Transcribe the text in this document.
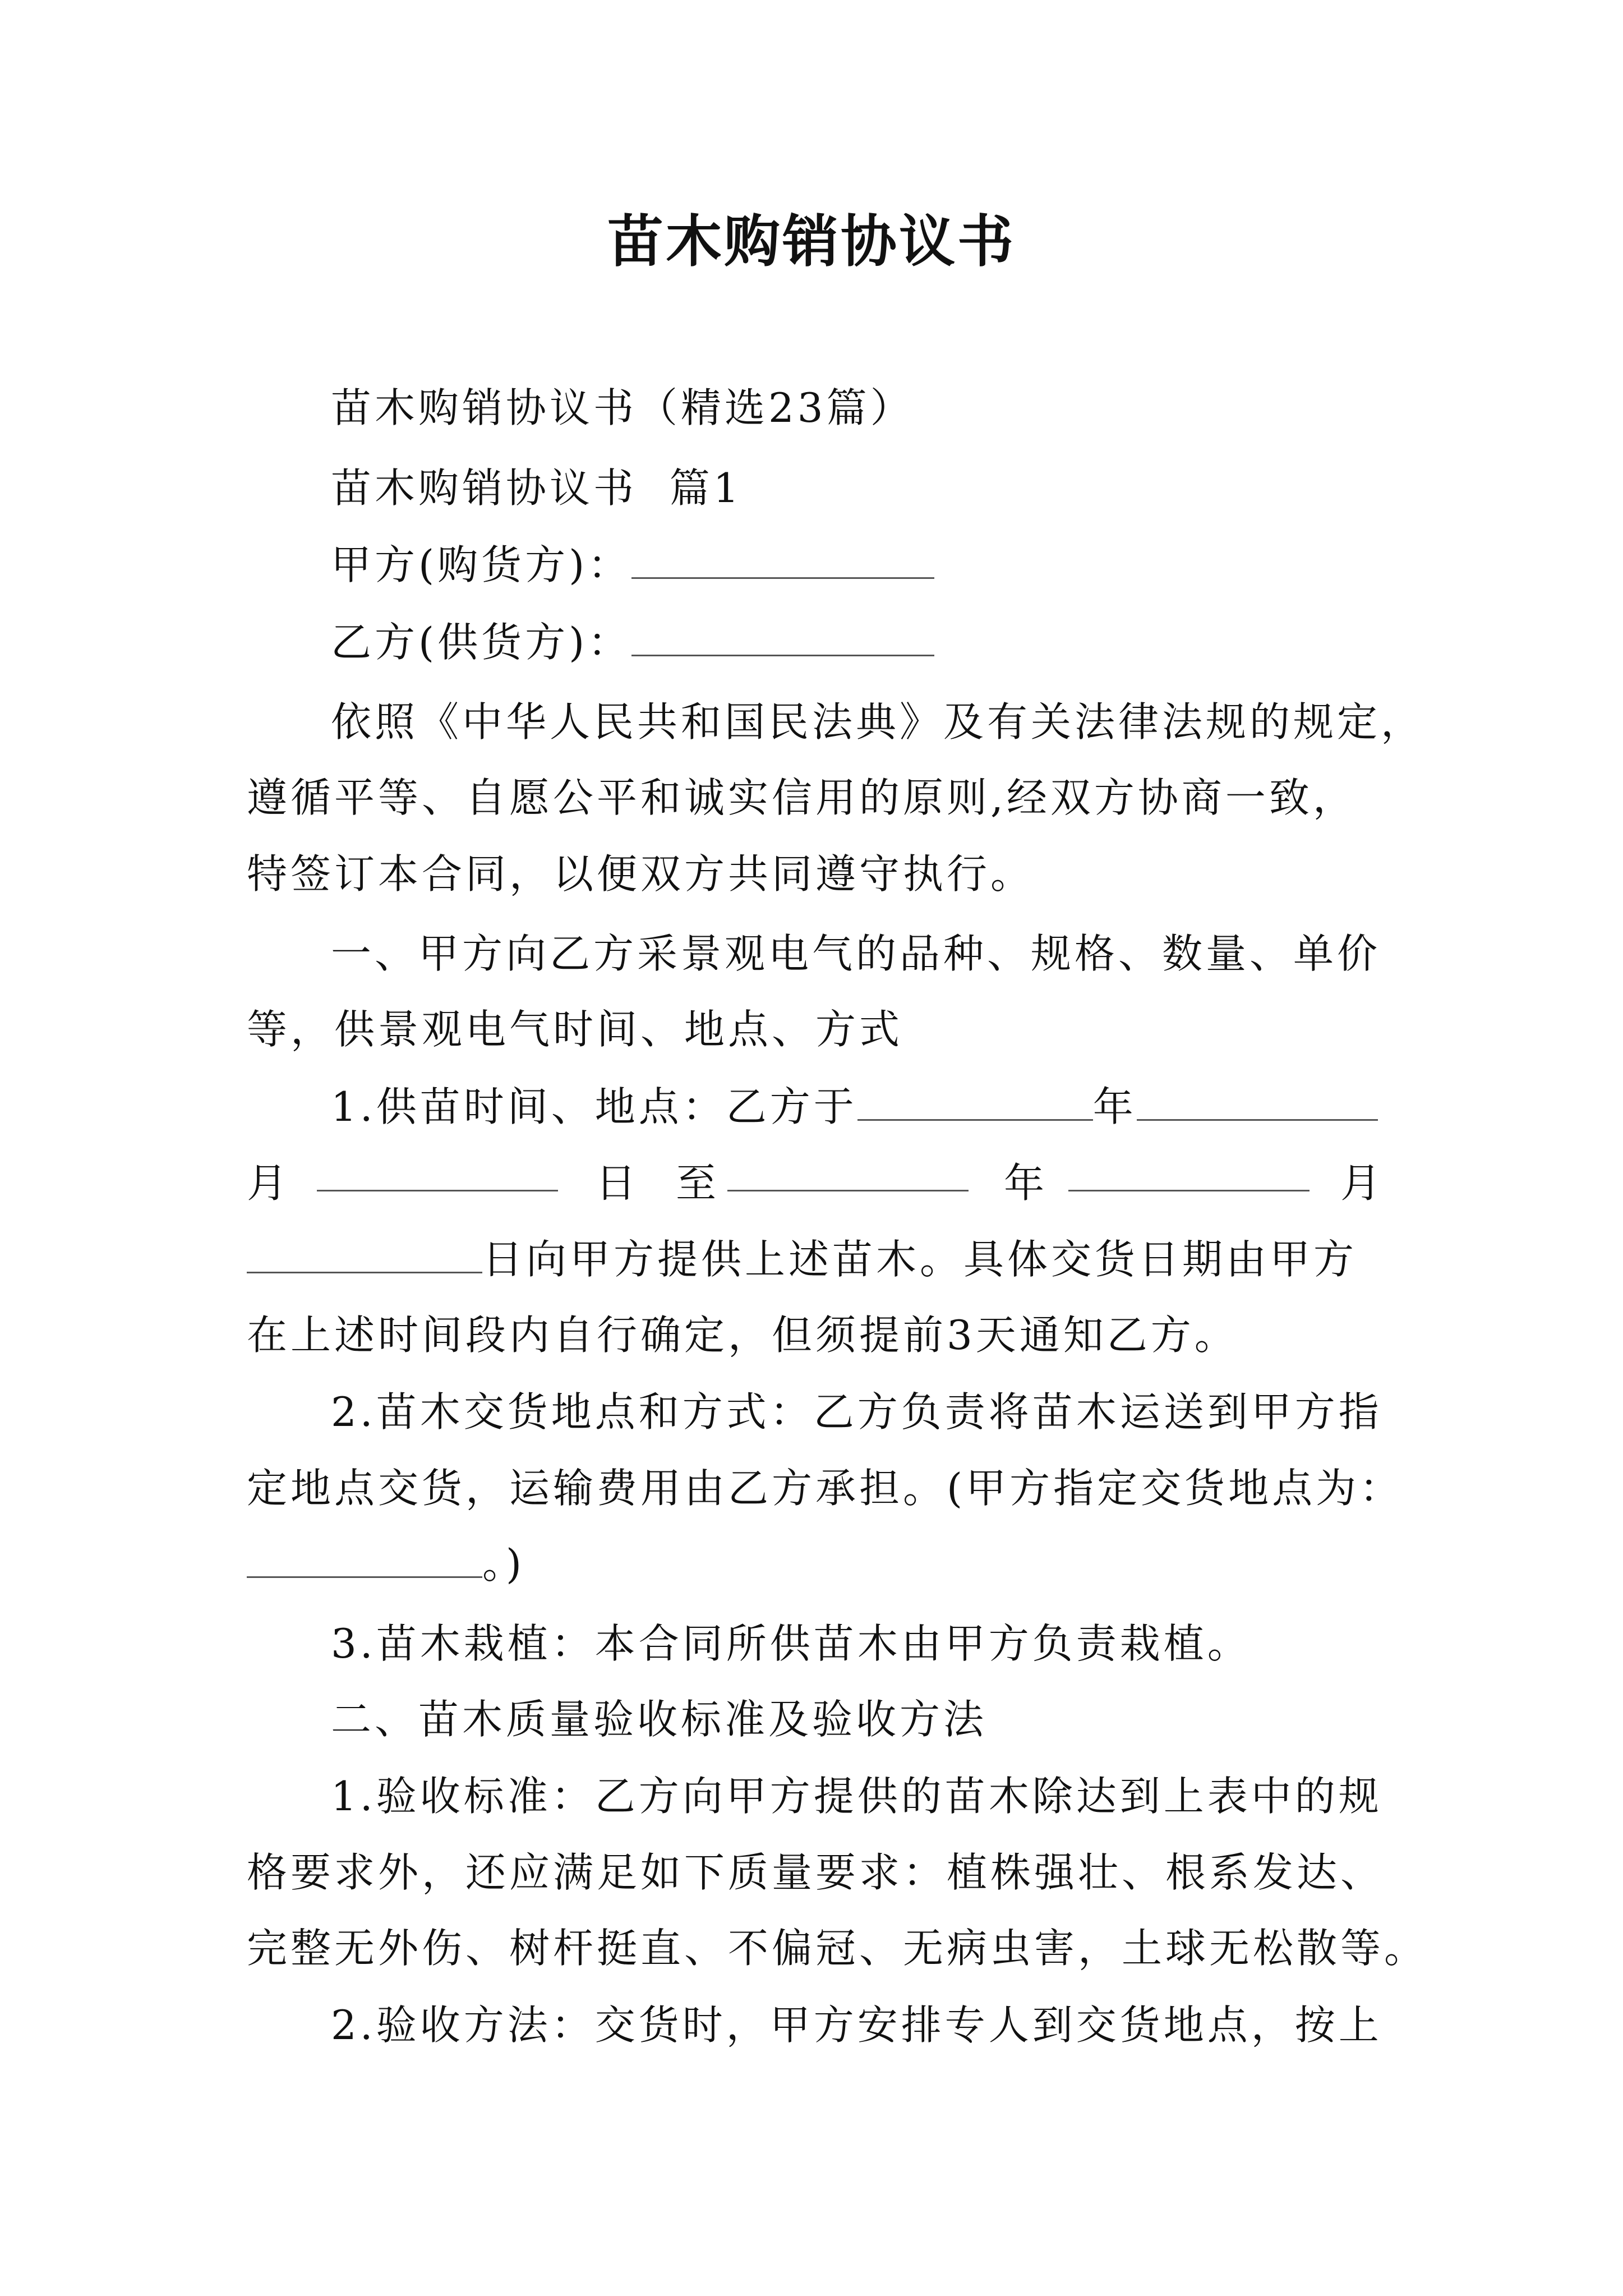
苗木购销协议书
苗木购销协议书（精选23篇）
苗木购销协议书  篇1
甲方(购货方)：
乙方(供货方)：
依照《中华人民共和国民法典》及有关法律法规的规定，
遵循平等、自愿公平和诚实信用的原则,经双方协商一致，
特签订本合同，以便双方共同遵守执行。
一、甲方向乙方采景观电气的品种、规格、数量、单价
等，供景观电气时间、地点、方式
1.供苗时间、地点：乙方于	年
月	日 至	年	月
日向甲方提供上述苗木。具体交货日期由甲方
在上述时间段内自行确定，但须提前3天通知乙方。
2.苗木交货地点和方式：乙方负责将苗木运送到甲方指
定地点交货，运输费用由乙方承担。(甲方指定交货地点为：
。)
3.苗木栽植：本合同所供苗木由甲方负责栽植。
二、苗木质量验收标准及验收方法
1.验收标准：乙方向甲方提供的苗木除达到上表中的规
格要求外，还应满足如下质量要求：植株强壮、根系发达、
完整无外伤、树杆挺直、不偏冠、无病虫害，土球无松散等。
2.验收方法：交货时，甲方安排专人到交货地点，按上
